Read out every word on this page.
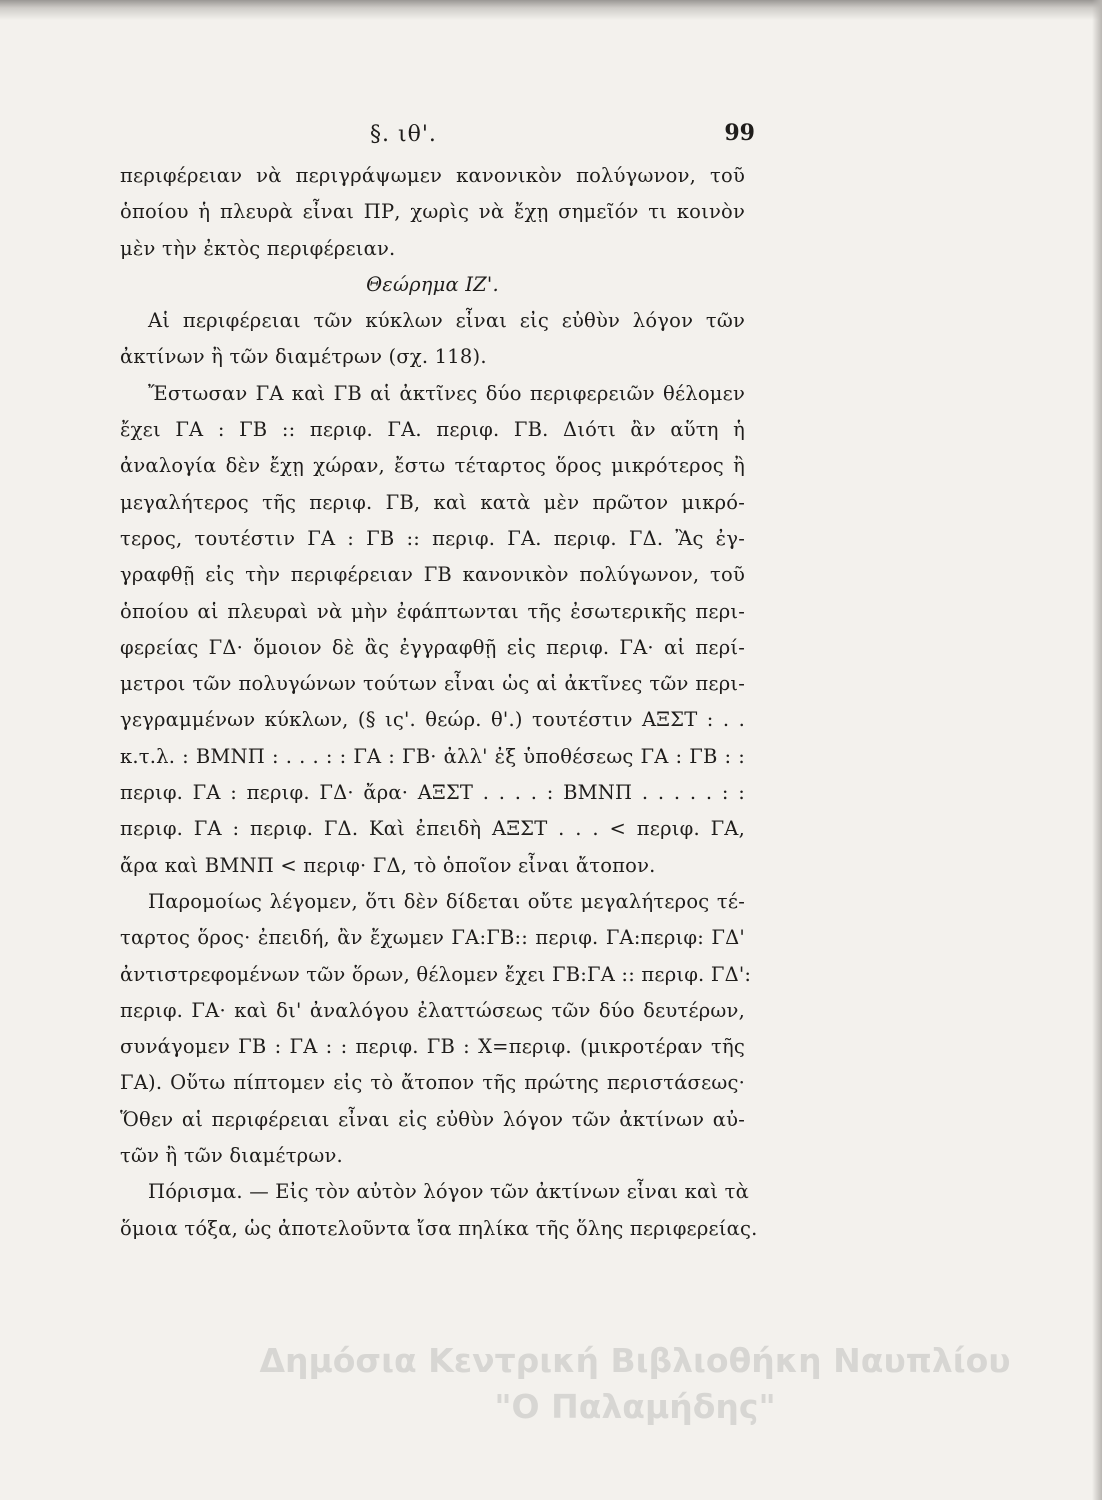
§. ιθ'.	99
περιφέρειαν νὰ περιγράψωμεν κανονικὸν πολύγωνον, τοῦ
ὁποίου ἡ πλευρὰ εἶναι ΠΡ, χωρὶς νὰ ἔχῃ σημεῖόν τι κοινὸν
μὲν τὴν ἐκτὸς περιφέρειαν.
Θεώρημα ΙΖ'.
Αἱ περιφέρειαι τῶν κύκλων εἶναι εἰς εὐθὺν λόγον τῶν
ἀκτίνων ἢ τῶν διαμέτρων (σχ. 118).
Ἔστωσαν ΓΑ καὶ ΓΒ αἱ ἀκτῖνες δύο περιφερειῶν θέλομεν
ἔχει ΓΑ : ΓΒ :: περιφ. ΓΑ. περιφ. ΓΒ. Διότι ἂν αὕτη ἡ
ἀναλογία δὲν ἔχῃ χώραν, ἔστω τέταρτος ὅρος μικρότερος ἢ
μεγαλήτερος τῆς περιφ. ΓΒ, καὶ κατὰ μὲν πρῶτον μικρό-
τερος, τουτέστιν ΓΑ : ΓΒ :: περιφ. ΓΑ. περιφ. ΓΔ. Ἂς ἐγ-
γραφθῇ εἰς τὴν περιφέρειαν ΓΒ κανονικὸν πολύγωνον, τοῦ
ὁποίου αἱ πλευραὶ νὰ μὴν ἐφάπτωνται τῆς ἐσωτερικῆς περι-
φερείας ΓΔ· ὅμοιον δὲ ἂς ἐγγραφθῇ εἰς περιφ. ΓΑ· αἱ περί-
μετροι τῶν πολυγώνων τούτων εἶναι ὡς αἱ ἀκτῖνες τῶν περι-
γεγραμμένων κύκλων, (§ ις'. θεώρ. θ'.) τουτέστιν ΑΞΣΤ : . .
κ.τ.λ. : ΒΜΝΠ : . . . : : ΓΑ : ΓΒ· ἀλλ' ἐξ ὑποθέσεως ΓΑ : ΓΒ : :
περιφ. ΓΑ : περιφ. ΓΔ· ἄρα· ΑΞΣΤ . . . . : ΒΜΝΠ . . . . . : :
περιφ. ΓΑ : περιφ. ΓΔ. Καὶ ἐπειδὴ ΑΞΣΤ . . . < περιφ. ΓΑ,
ἄρα καὶ ΒΜΝΠ < περιφ· ΓΔ, τὸ ὁποῖον εἶναι ἄτοπον.
Παρομοίως λέγομεν, ὅτι δὲν δίδεται οὔτε μεγαλήτερος τέ-
ταρτος ὅρος· ἐπειδή, ἂν ἔχωμεν ΓΑ:ΓΒ:: περιφ. ΓΑ:περιφ: ΓΔ'
ἀντιστρεφομένων τῶν ὅρων, θέλομεν ἔχει ΓΒ:ΓΑ :: περιφ. ΓΔ':
περιφ. ΓΑ· καὶ δι' ἀναλόγου ἐλαττώσεως τῶν δύο δευτέρων,
συνάγομεν ΓΒ : ΓΑ : : περιφ. ΓΒ : Χ=περιφ. (μικροτέραν τῆς
ΓΑ). Οὕτω πίπτομεν εἰς τὸ ἄτοπον τῆς πρώτης περιστάσεως·
Ὅθεν αἱ περιφέρειαι εἶναι εἰς εὐθὺν λόγον τῶν ἀκτίνων αὐ-
τῶν ἢ τῶν διαμέτρων.
Πόρισμα. — Εἰς τὸν αὐτὸν λόγον τῶν ἀκτίνων εἶναι καὶ τὰ
ὅμοια τόξα, ὡς ἀποτελοῦντα ἴσα πηλίκα τῆς ὅλης περιφερείας.
Δημόσια Κεντρική Βιβλιοθήκη Ναυπλίου
"Ο Παλαμήδης"
